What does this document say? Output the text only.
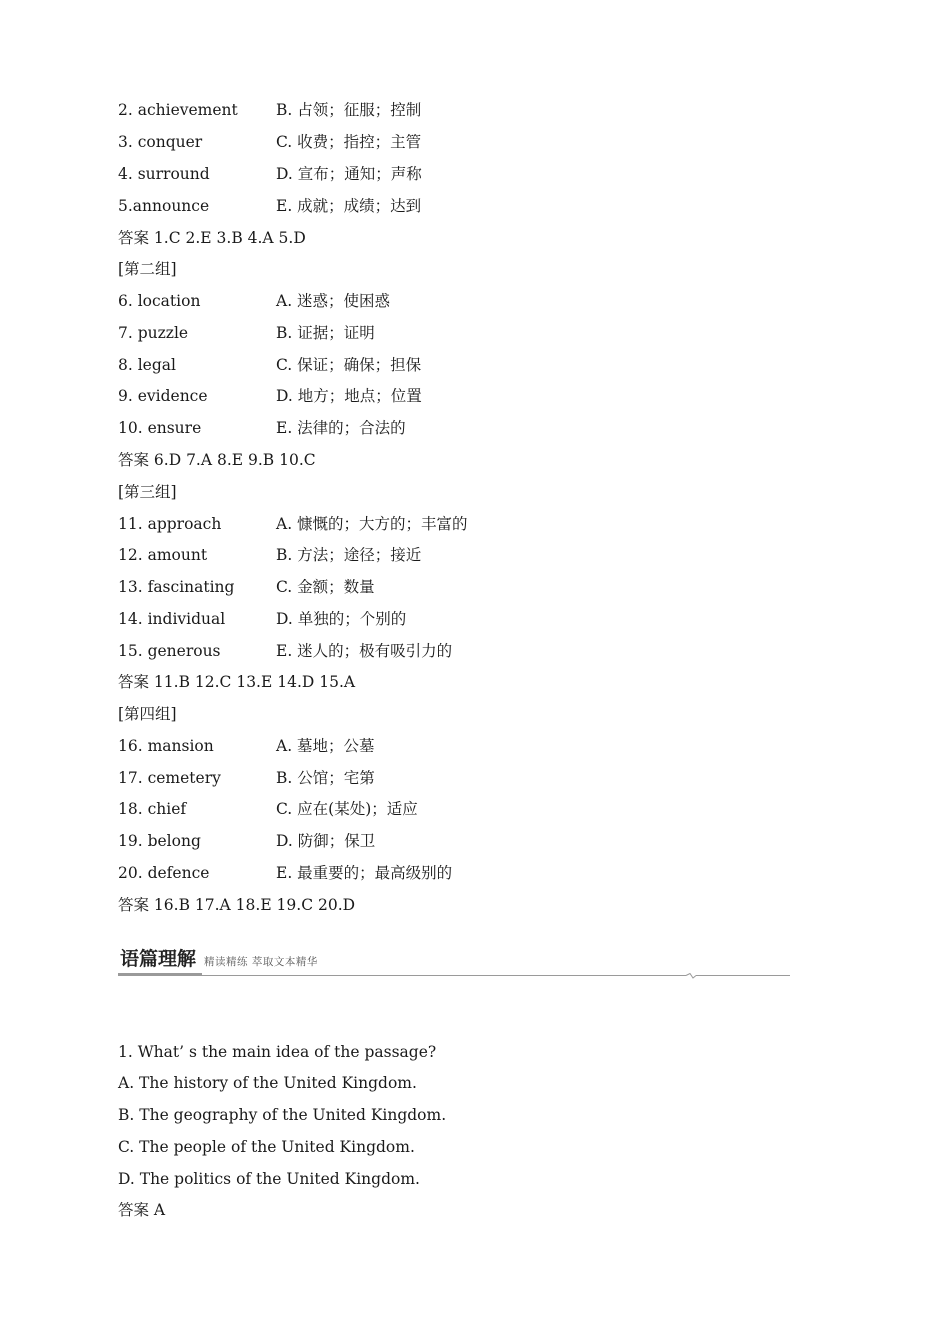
2. achievement B. 占领；征服；控制
3. conquer	C. 收费；指控；主管
4. surround	D. 宣布；通知；声称
5.announce	E. 成就；成绩；达到
答案 1.C 2.E 3.B 4.A 5.D
[第二组]
6. location	A. 迷惑；使困惑
7. puzzle	B. 证据；证明
8. legal	C. 保证；确保；担保
9. evidence	D. 地方；地点；位置
10. ensure	E. 法律的；合法的
答案 6.D 7.A 8.E 9.B 10.C
[第三组]
11. approach	A. 慷慨的；大方的；丰富的
12. amount	B. 方法；途径；接近
13. fascinating	C. 金额；数量
14. individual	D. 单独的；个别的
15. generous	E. 迷人的；极有吸引力的
答案 11.B 12.C 13.E 14.D 15.A
[第四组]
16. mansion	A. 墓地；公墓
17. cemetery	B. 公馆；宅第
18. chief	C. 应在(某处)；适应
19. belong	D. 防御；保卫
20. defence	E. 最重要的；最高级别的
答案 16.B 17.A 18.E 19.C 20.D
语篇理解 精读精练 萃取文本精华
1. What’ s the main idea of the passage?
A. The history of the United Kingdom.
B. The geography of the United Kingdom.
C. The people of the United Kingdom.
D. The politics of the United Kingdom.
答案 A
